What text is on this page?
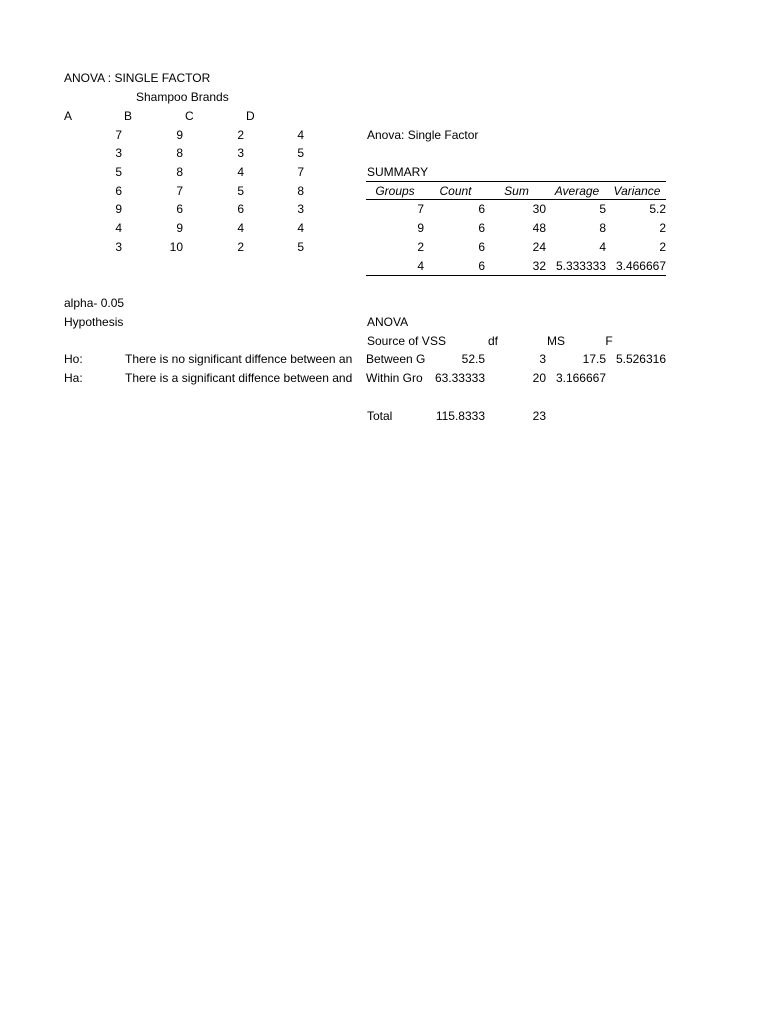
ANOVA : SINGLE FACTOR
Shampoo Brands
A	B	C	D
7	9	2	4
3	8	3	5
5	8	4	7
6	7	5	8
9	6	6	3
4	9	4	4
3	10	2	5
alpha- 0.05
Hypothesis
Ho:	There is no significant diffence between an
Ha:	There is a significant diffence between and
Anova: Single Factor
SUMMARY
Groups	Count	Sum	Average	Variance
7	6	30	5	5.2
9	6	48	8	2
2	6	24	4	2
4	6	32 5.333333 3.466667
ANOVA
Source of V SS	df	MS	F
Between G	52.5	3	17.5 5.526316
Within Gro	63.33333	20 3.166667
Total	115.8333	23
